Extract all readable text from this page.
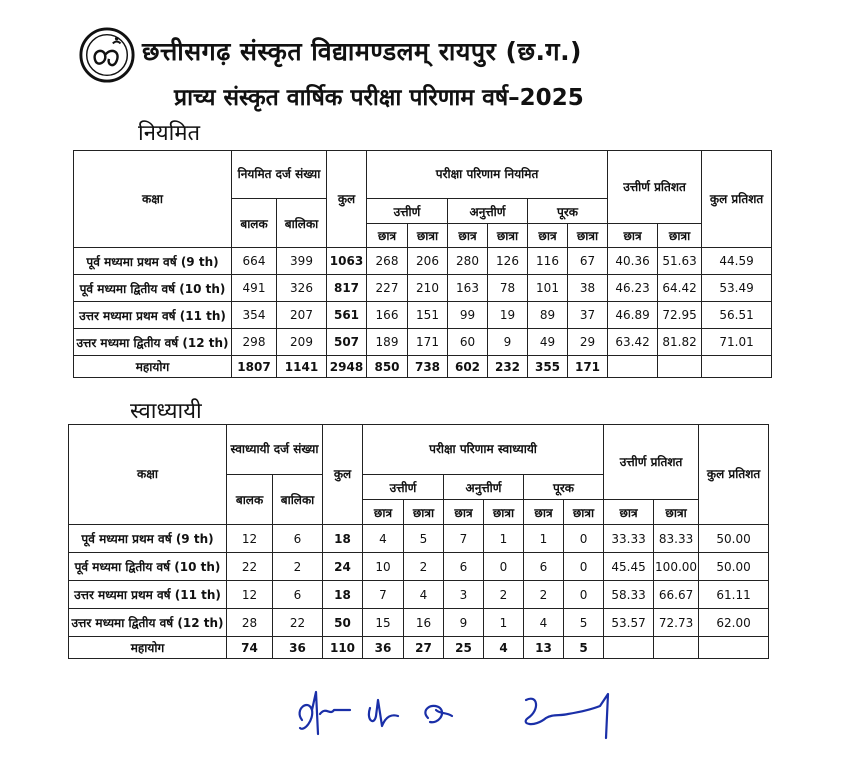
छत्तीसगढ़ संस्कृत विद्यामण्डलम् रायपुर (छ.ग.)
प्राच्य संस्कृत वार्षिक परीक्षा परिणाम वर्ष–2025
नियमित
कक्षा	नियमित दर्ज संख्या		कुल	परीक्षा परिणाम नियमित						उत्तीर्ण प्रतिशत		कुल प्रतिशत
	बालक	बालिका		उत्तीर्ण		अनुत्तीर्ण		पूरक				
				छात्र	छात्रा	छात्र	छात्रा	छात्र	छात्रा	छात्र	छात्रा	
पूर्व मध्यमा प्रथम वर्ष (9 th)	664	399	1063	268	206	280	126	116	67	40.36	51.63	44.59
पूर्व मध्यमा द्वितीय वर्ष (10 th)	491	326	817	227	210	163	78	101	38	46.23	64.42	53.49
उत्तर मध्यमा प्रथम वर्ष (11 th)	354	207	561	166	151	99	19	89	37	46.89	72.95	56.51
उत्तर मध्यमा द्वितीय वर्ष (12 th)	298	209	507	189	171	60	9	49	29	63.42	81.82	71.01
महायोग	1807	1141	2948	850	738	602	232	355	171			
स्वाध्यायी
कक्षा	स्वाध्यायी दर्ज संख्या		कुल	परीक्षा परिणाम स्वाध्यायी						उत्तीर्ण प्रतिशत		कुल प्रतिशत
	बालक	बालिका		उत्तीर्ण		अनुत्तीर्ण		पूरक				
				छात्र	छात्रा	छात्र	छात्रा	छात्र	छात्रा	छात्र	छात्रा	
पूर्व मध्यमा प्रथम वर्ष (9 th)	12	6	18	4	5	7	1	1	0	33.33	83.33	50.00
पूर्व मध्यमा द्वितीय वर्ष (10 th)	22	2	24	10	2	6	0	6	0	45.45	100.00	50.00
उत्तर मध्यमा प्रथम वर्ष (11 th)	12	6	18	7	4	3	2	2	0	58.33	66.67	61.11
उत्तर मध्यमा द्वितीय वर्ष (12 th)	28	22	50	15	16	9	1	4	5	53.57	72.73	62.00
महायोग	74	36	110	36	27	25	4	13	5			
